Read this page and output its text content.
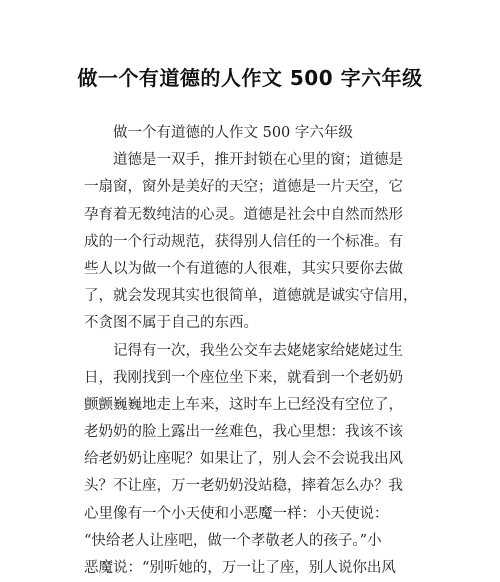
做一个有道德的人作文 500 字六年级
做一个有道德的人作文 500 字六年级
道德是一双手，推开封锁在心里的窗；道德是
一扇窗，窗外是美好的天空；道德是一片天空，它
孕育着无数纯洁的心灵。道德是社会中自然而然形
成的一个行动规范，获得别人信任的一个标准。有
些人以为做一个有道德的人很难，其实只要你去做
了，就会发现其实也很简单，道德就是诚实守信用，
不贪图不属于自己的东西。
记得有一次，我坐公交车去姥姥家给姥姥过生
日，我刚找到一个座位坐下来，就看到一个老奶奶
颤颤巍巍地走上车来，这时车上已经没有空位了，
老奶奶的脸上露出一丝难色，我心里想：我该不该
给老奶奶让座呢？如果让了，别人会不会说我出风
头？不让座，万一老奶奶没站稳，摔着怎么办？我
心里像有一个小天使和小恶魔一样：小天使说：
“快给老人让座吧，做一个孝敬老人的孩子。”小
恶魔说：“别听她的，万一让了座，别人说你出风
